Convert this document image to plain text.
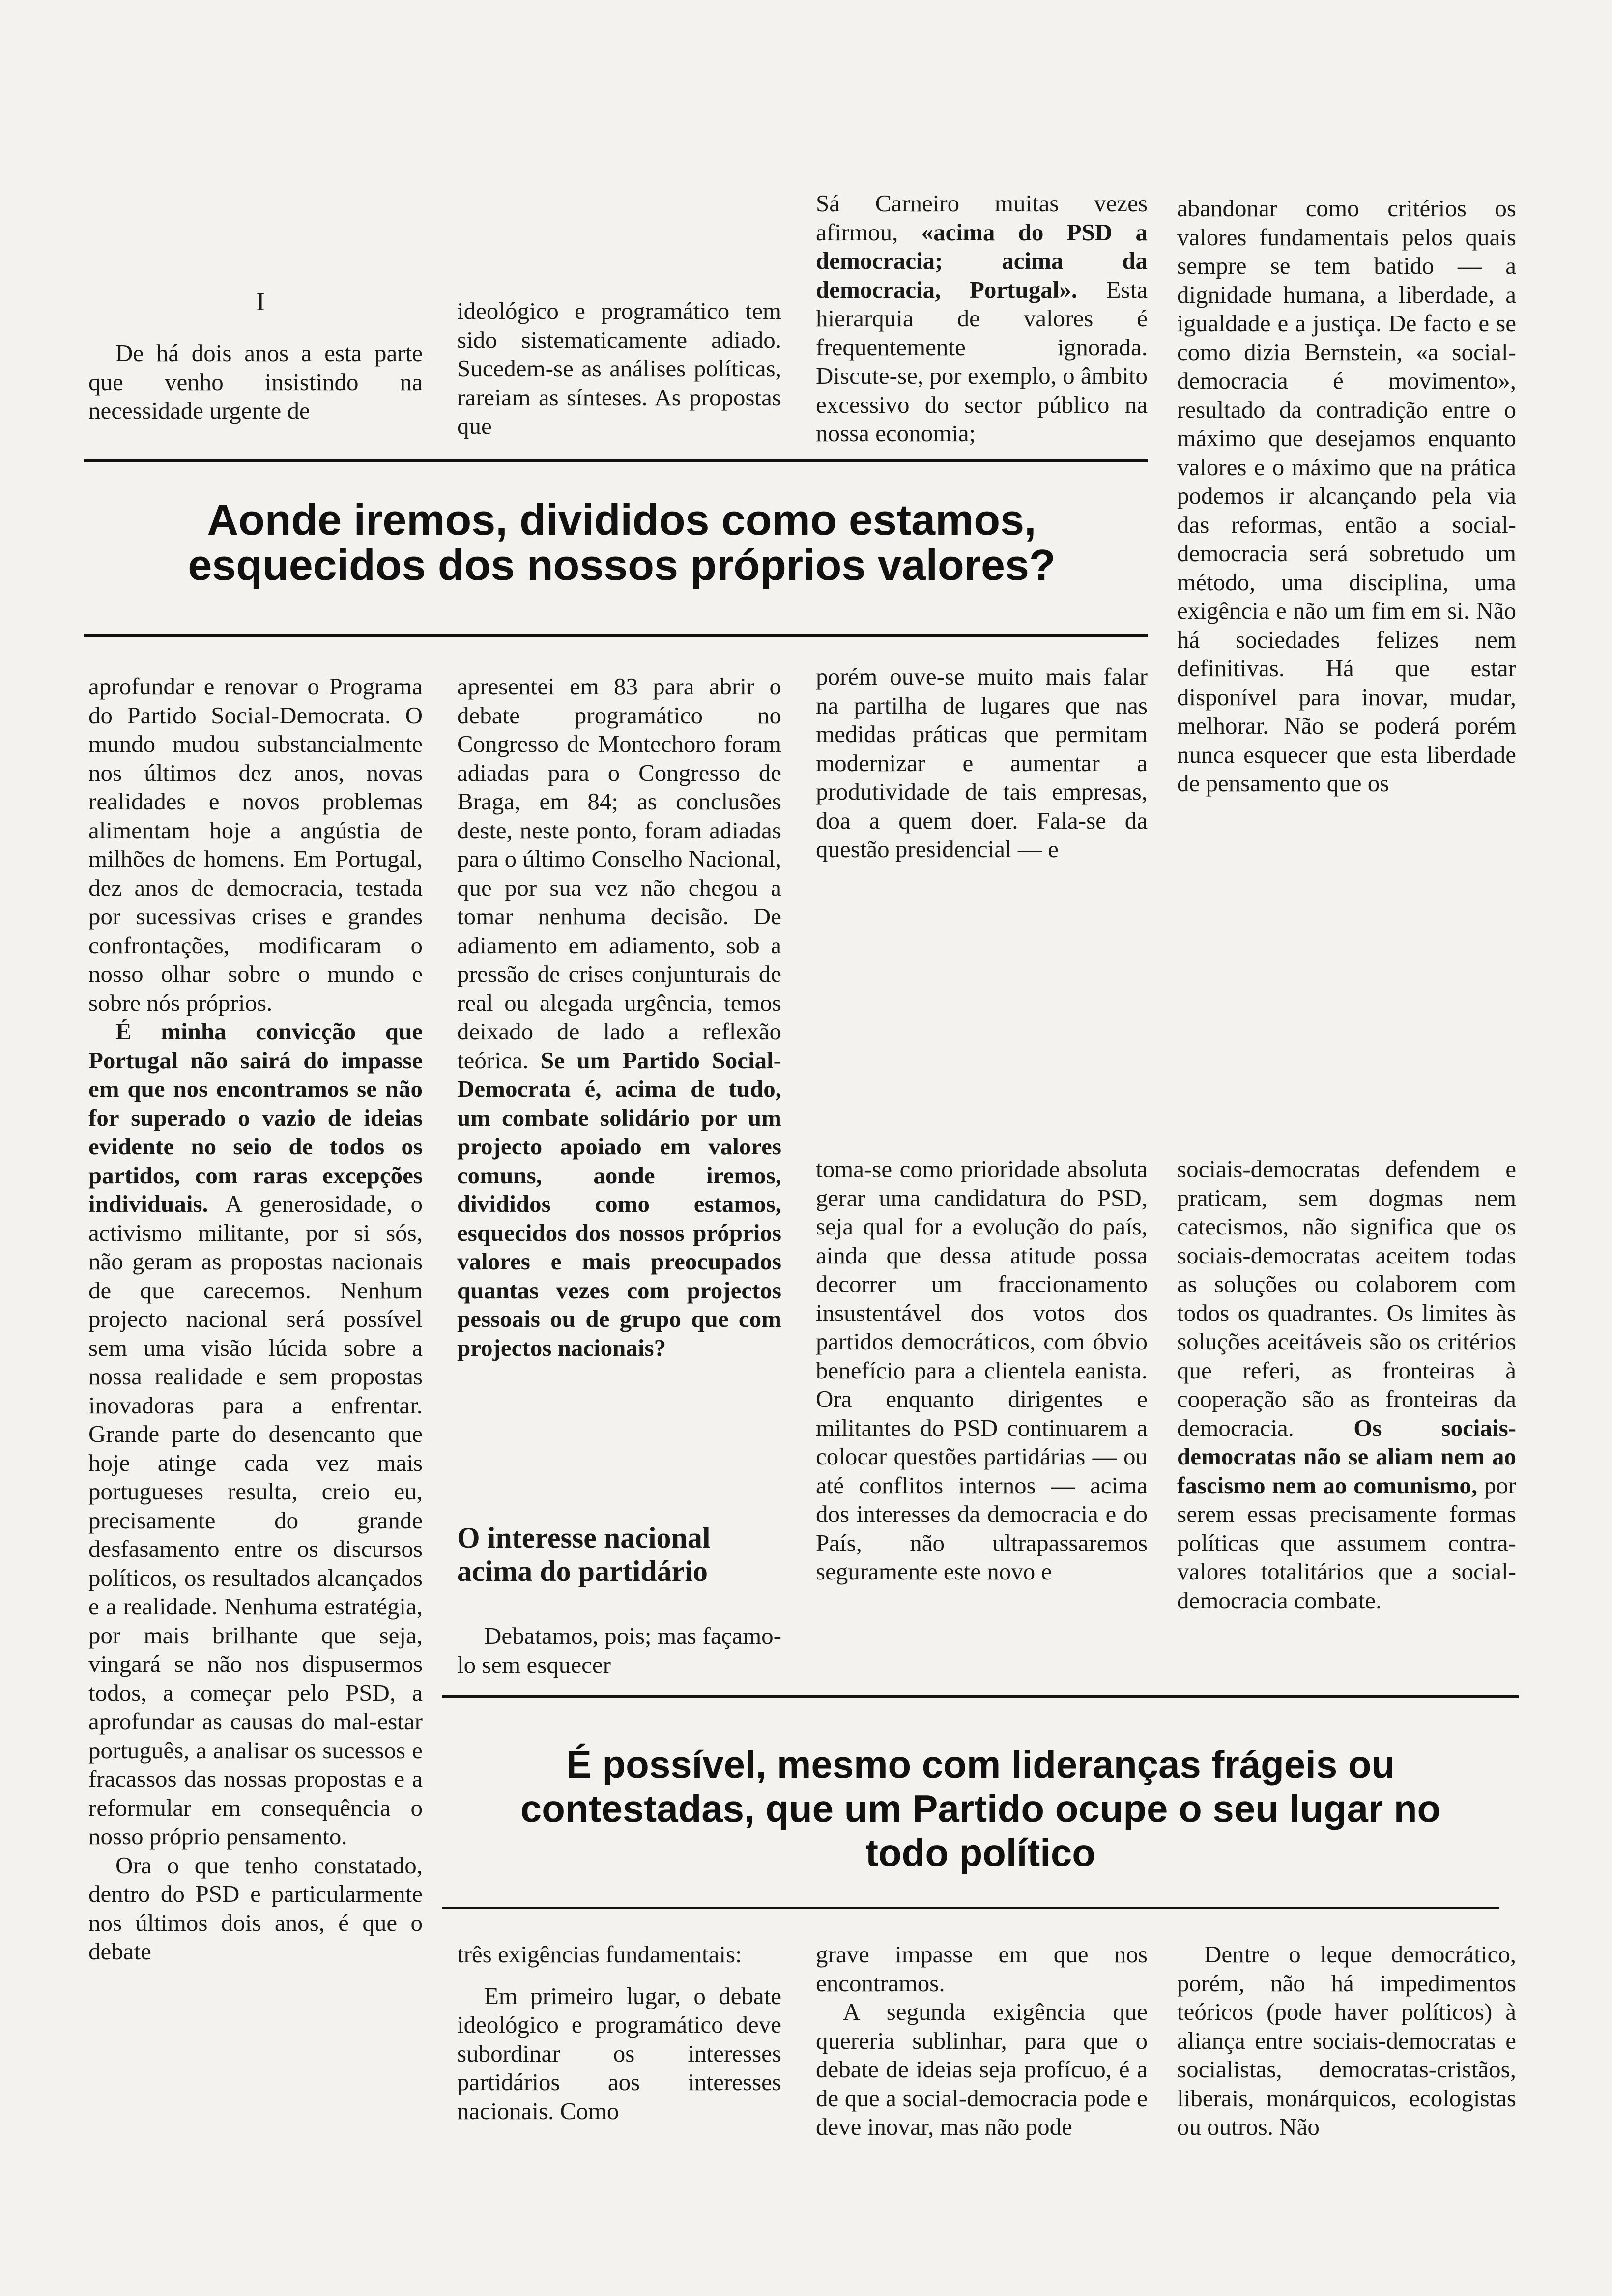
I

De há dois anos a esta parte que venho insistindo na necessidade urgente de

ideológico e programático tem sido sistematicamente adiado. Sucedem-se as análises políticas, rareiam as sínteses. As propostas que

Sá Carneiro muitas vezes afirmou, «acima do PSD a democracia; acima da democracia, Portugal». Esta hierarquia de valores é frequentemente ignorada. Discute-se, por exemplo, o âmbito excessivo do sector público na nossa economia;

abandonar como critérios os valores fundamentais pelos quais sempre se tem batido — a dignidade humana, a liberdade, a igualdade e a justiça. De facto e se como dizia Bernstein, «a social-democracia é movimento», resultado da contradição entre o máximo que desejamos enquanto valores e o máximo que na prática podemos ir alcançando pela via das reformas, então a social-democracia será sobretudo um método, uma disciplina, uma exigência e não um fim em si. Não há sociedades felizes nem definitivas. Há que estar disponível para inovar, mudar, melhorar. Não se poderá porém nunca esquecer que esta liberdade de pensamento que os

Aonde iremos, divididos como estamos, esquecidos dos nossos próprios valores?

aprofundar e renovar o Programa do Partido Social-Democrata. O mundo mudou substancialmente nos últimos dez anos, novas realidades e novos problemas alimentam hoje a angústia de milhões de homens. Em Portugal, dez anos de democracia, testada por sucessivas crises e grandes confrontações, modificaram o nosso olhar sobre o mundo e sobre nós próprios.

É minha convicção que Portugal não sairá do impasse em que nos encontramos se não for superado o vazio de ideias evidente no seio de todos os partidos, com raras excepções individuais. A generosidade, o activismo militante, por si sós, não geram as propostas nacionais de que carecemos. Nenhum projecto nacional será possível sem uma visão lúcida sobre a nossa realidade e sem propostas inovadoras para a enfrentar. Grande parte do desencanto que hoje atinge cada vez mais portugueses resulta, creio eu, precisamente do grande desfasamento entre os discursos políticos, os resultados alcançados e a realidade. Nenhuma estratégia, por mais brilhante que seja, vingará se não nos dispusermos todos, a começar pelo PSD, a aprofundar as causas do mal-estar português, a analisar os sucessos e fracassos das nossas propostas e a reformular em consequência o nosso próprio pensamento.

Ora o que tenho constatado, dentro do PSD e particularmente nos últimos dois anos, é que o debate

apresentei em 83 para abrir o debate programático no Congresso de Montechoro foram adiadas para o Congresso de Braga, em 84; as conclusões deste, neste ponto, foram adiadas para o último Conselho Nacional, que por sua vez não chegou a tomar nenhuma decisão. De adiamento em adiamento, sob a pressão de crises conjunturais de real ou alegada urgência, temos deixado de lado a reflexão teórica. Se um Partido Social-Democrata é, acima de tudo, um combate solidário por um projecto apoiado em valores comuns, aonde iremos, divididos como estamos, esquecidos dos nossos próprios valores e mais preocupados quantas vezes com projectos pessoais ou de grupo que com projectos nacionais?

O interesse nacional acima do partidário

Debatamos, pois; mas façamo-lo sem esquecer

porém ouve-se muito mais falar na partilha de lugares que nas medidas práticas que permitam modernizar e aumentar a produtividade de tais empresas, doa a quem doer. Fala-se da questão presidencial — e

toma-se como prioridade absoluta gerar uma candidatura do PSD, seja qual for a evolução do país, ainda que dessa atitude possa decorrer um fraccionamento insustentável dos votos dos partidos democráticos, com óbvio benefício para a clientela eanista. Ora enquanto dirigentes e militantes do PSD continuarem a colocar questões partidárias — ou até conflitos internos — acima dos interesses da democracia e do País, não ultrapassaremos seguramente este novo e

sociais-democratas defendem e praticam, sem dogmas nem catecismos, não significa que os sociais-democratas aceitem todas as soluções ou colaborem com todos os quadrantes. Os limites às soluções aceitáveis são os critérios que referi, as fronteiras à cooperação são as fronteiras da democracia. Os sociais-democratas não se aliam nem ao fascismo nem ao comunismo, por serem essas precisamente formas políticas que assumem contra-valores totalitários que a social-democracia combate.

É possível, mesmo com lideranças frágeis ou contestadas, que um Partido ocupe o seu lugar no todo político

três exigências fundamentais:

Em primeiro lugar, o debate ideológico e programático deve subordinar os interesses partidários aos interesses nacionais. Como

grave impasse em que nos encontramos.

A segunda exigência que quereria sublinhar, para que o debate de ideias seja profícuo, é a de que a social-democracia pode e deve inovar, mas não pode

Dentre o leque democrático, porém, não há impedimentos teóricos (pode haver políticos) à aliança entre sociais-democratas e socialistas, democratas-cristãos, liberais, monárquicos, ecologistas ou outros. Não
